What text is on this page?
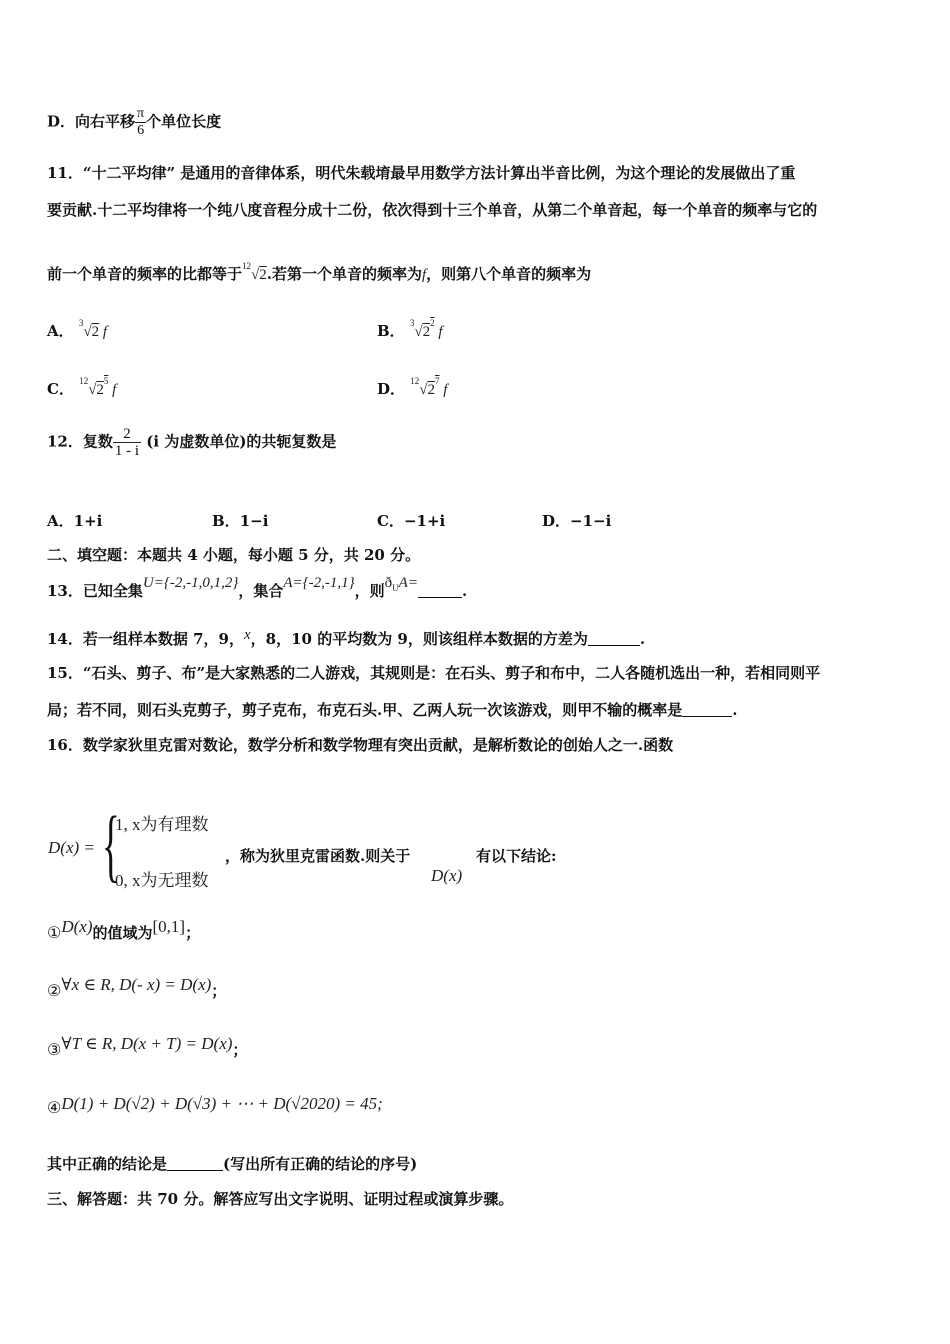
D．向右平移 $\frac{\pi}{6}$ 个单位长度
11．“十二平均律” 是通用的音律体系，明代朱载堉最早用数学方法计算出半音比例，为这个理论的发展做出了重
要贡献.十二平均律将一个纯八度音程分成十二份，依次得到十三个单音，从第二个单音起，每一个单音的频率与它的
前一个单音的频率的比都等于$^{12}$√2.若第一个单音的频率为f，则第八个单音的频率为
A． $^3$√2 f	B． $^3√2^2$ f
C． $^{12}√2^5$ f	D． $^{12}√2^7$ f
12．复数 $\frac{2}{1 - i} (i$ 为虚数单位)的共轭复数是
A．1+i	B．1−i	C．−1+i	D．−1−i
二、填空题：本题共 4 小题，每小题 5 分，共 20 分。
13．已知全集U={-2,-1,0,1,2}，集合A={-2,-1,1}，则$ð_UA=$	.
14．若一组样本数据 7，9，x，8，10 的平均数为 9，则该组样本数据的方差为	.
15．“石头、剪子、布”是大家熟悉的二人游戏，其规则是：在石头、剪子和布中，二人各随机选出一种，若相同则平
局；若不同，则石头克剪子，剪子克布，布克石头.甲、乙两人玩一次该游戏，则甲不输的概率是	.
16．数学家狄里克雷对数论，数学分析和数学物理有突出贡献，是解析数论的创始人之一.函数
D(x) = {
1, x为有理数
0, x为无理数
，称为狄里克雷函数.则关于
D(x)
有以下结论:
①D(x)的值域为[0,1]；
②∀x ∈ R, D(- x) = D(x)；
③∀T ∈ R, D(x + T) = D(x)；
④D(1) + D(√2) + D(√3) + ⋯ + D(√2020) = 45;
其中正确的结论是	(写出所有正确的结论的序号)
三、解答题：共 70 分。解答应写出文字说明、证明过程或演算步骤。
